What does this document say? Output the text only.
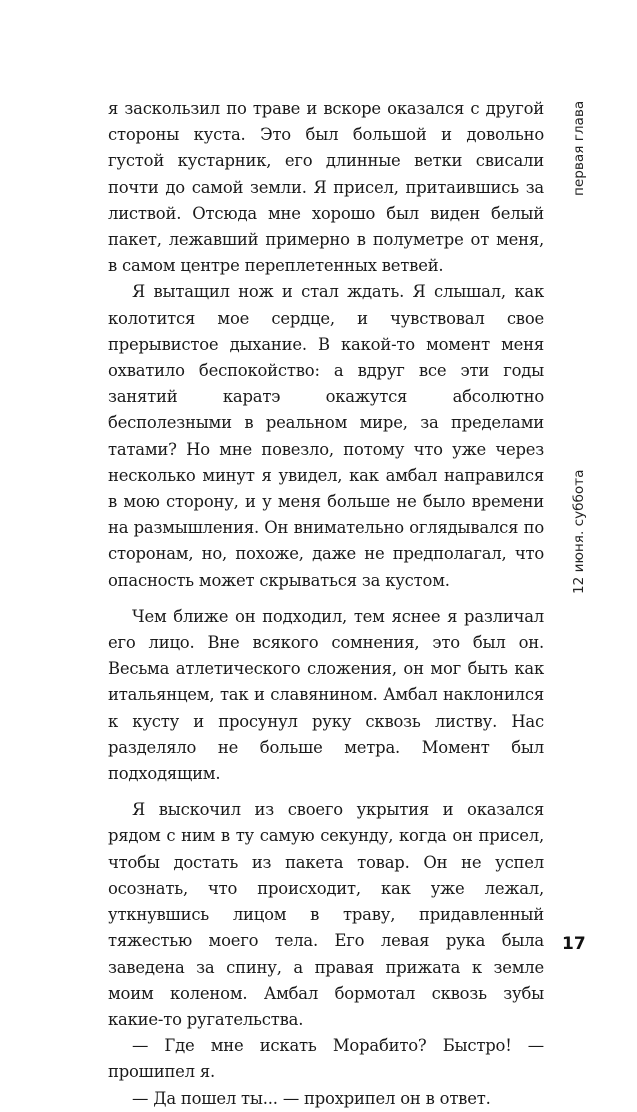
я заскользил по траве и вскоре оказался с другой стороны куста. Это был большой и довольно густой кустарник, его длинные ветки свисали почти до самой земли. Я присел, притаившись за листвой. Отсюда мне хорошо был виден белый пакет, лежавший примерно в полуметре от меня, в самом центре переплетенных ветвей.

Я вытащил нож и стал ждать. Я слышал, как колотится мое сердце, и чувствовал свое прерывистое дыхание. В какой-то момент меня охватило беспокойство: а вдруг все эти годы занятий каратэ окажутся абсолютно бесполезными в реальном мире, за пределами татами? Но мне повезло, потому что уже через несколько минут я увидел, как амбал направился в мою сторону, и у меня больше не было времени на размышления. Он внимательно оглядывался по сторонам, но, похоже, даже не предполагал, что опасность может скрываться за кустом.

Чем ближе он подходил, тем яснее я различал его лицо. Вне всякого сомнения, это был он. Весьма атлетического сложения, он мог быть как итальянцем, так и славянином. Амбал наклонился к кусту и просунул руку сквозь листву. Нас разделяло не больше метра. Момент был подходящим.

Я выскочил из своего укрытия и оказался рядом с ним в ту самую секунду, когда он присел, чтобы достать из пакета товар. Он не успел осознать, что происходит, как уже лежал, уткнувшись лицом в траву, придавленный тяжестью моего тела. Его левая рука была заведена за спину, а правая прижата к земле моим коленом. Амбал бормотал сквозь зубы какие-то ругательства.

— Где мне искать Морабито? Быстро! — прошипел я.

— Да пошел ты... — прохрипел он в ответ.

первая глава
12 июня. суббота
17
